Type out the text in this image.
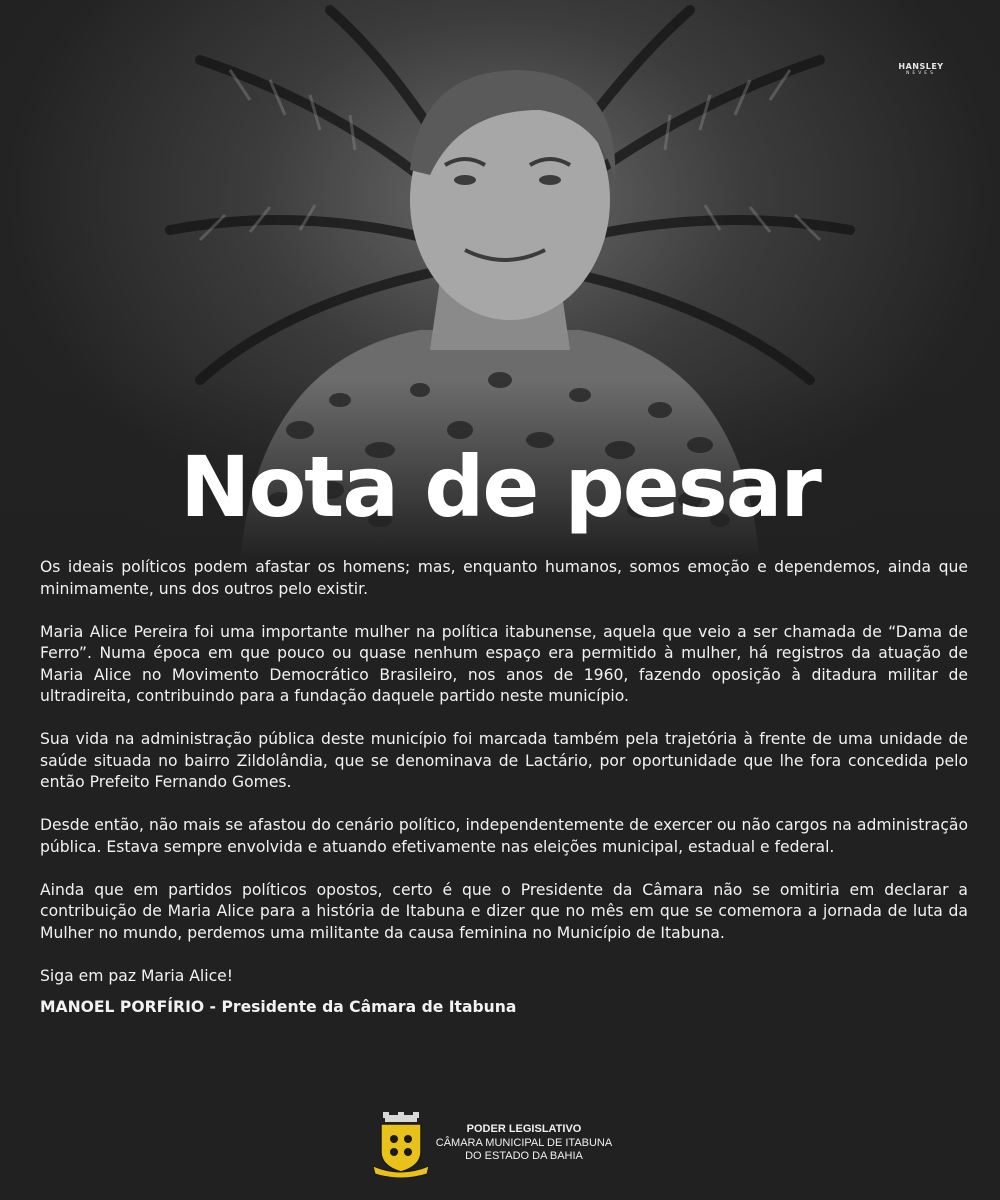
HANSLEY
NEVES
Nota de pesar

Os ideais políticos podem afastar os homens; mas, enquanto humanos, somos emoção e dependemos, ainda que minimamente, uns dos outros pelo existir.

Maria Alice Pereira foi uma importante mulher na política itabunense, aquela que veio a ser chamada de “Dama de Ferro”. Numa época em que pouco ou quase nenhum espaço era permitido à mulher, há registros da atuação de Maria Alice no Movimento Democrático Brasileiro, nos anos de 1960, fazendo oposição à ditadura militar de ultradireita, contribuindo para a fundação daquele partido neste município.

Sua vida na administração pública deste município foi marcada também pela trajetória à frente de uma unidade de saúde situada no bairro Zildolândia, que se denominava de Lactário, por oportunidade que lhe fora concedida pelo então Prefeito Fernando Gomes.

Desde então, não mais se afastou do cenário político, independentemente de exercer ou não cargos na administração pública. Estava sempre envolvida e atuando efetivamente nas eleições municipal, estadual e federal.

Ainda que em partidos políticos opostos, certo é que o Presidente da Câmara não se omitiria em declarar a contribuição de Maria Alice para a história de Itabuna e dizer que no mês em que se comemora a jornada de luta da Mulher no mundo, perdemos uma militante da causa feminina no Município de Itabuna.

Siga em paz Maria Alice!

MANOEL PORFÍRIO - Presidente da Câmara de Itabuna

PODER LEGISLATIVO
CÂMARA MUNICIPAL DE ITABUNA
DO ESTADO DA BAHIA
